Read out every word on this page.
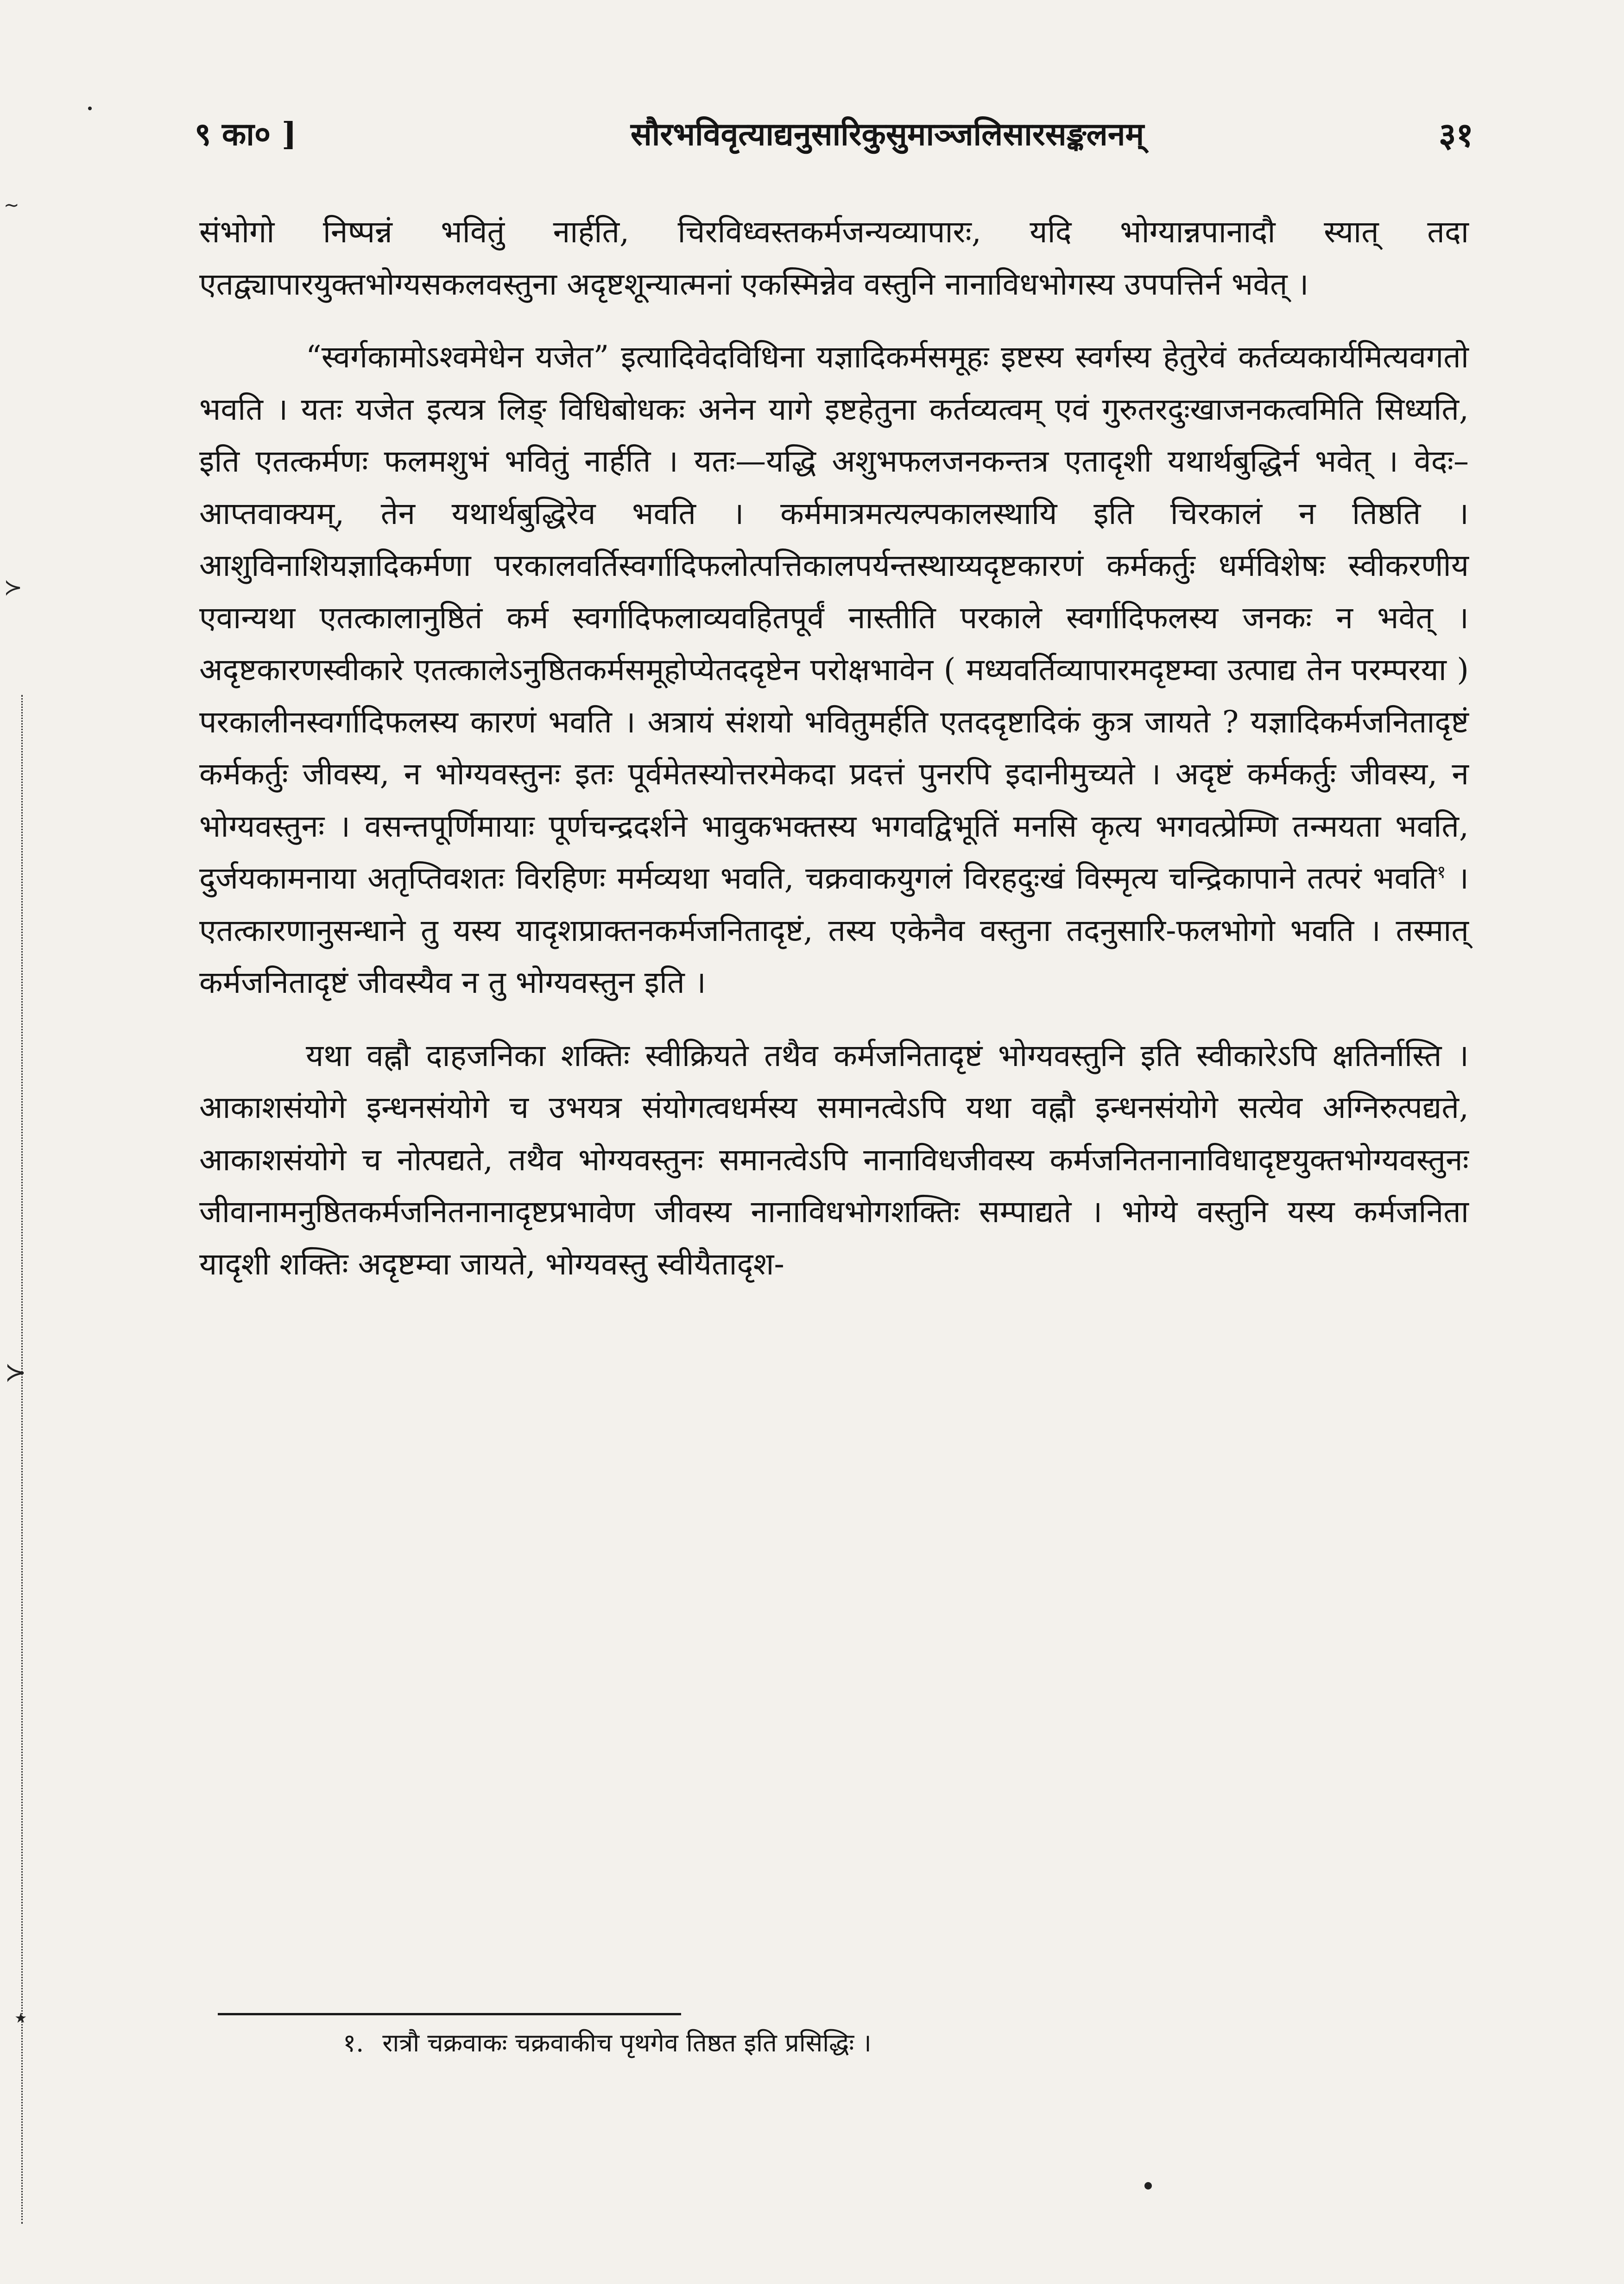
९ का० ]	सौरभविवृत्याद्यनुसारिकुसुमाञ्जलिसारसङ्कलनम्	३१

संभोगो निष्पन्नं भवितुं नार्हति, चिरविध्वस्तकर्मजन्यव्यापारः, यदि भोग्यान्नपानादौ स्यात् तदा एतद्व्यापारयुक्तभोग्यसकलवस्तुना अदृष्टशून्यात्मनां एकस्मिन्नेव वस्तुनि नानाविधभोगस्य उपपत्तिर्न भवेत् ।

“स्वर्गकामोऽश्वमेधेन यजेत” इत्यादिवेदविधिना यज्ञादिकर्मसमूहः इष्टस्य स्वर्गस्य हेतुरेवं कर्तव्यकार्यमित्यवगतो भवति । यतः यजेत इत्यत्र लिङ् विधिबोधकः अनेन यागे इष्टहेतुना कर्तव्यत्वम् एवं गुरुतरदुःखाजनकत्वमिति सिध्यति, इति एतत्कर्मणः फलमशुभं भवितुं नार्हति । यतः—यद्धि अशुभफलजनकन्तत्र एतादृशी यथार्थबुद्धिर्न भवेत् । वेदः–आप्तवाक्यम्, तेन यथार्थबुद्धिरेव भवति । कर्ममात्रमत्यल्पकालस्थायि इति चिरकालं न तिष्ठति । आशुविनाशियज्ञादिकर्मणा परकालवर्तिस्वर्गादिफलोत्पत्तिकालपर्यन्तस्थाय्यदृष्टकारणं कर्मकर्तुः धर्मविशेषः स्वीकरणीय एवान्यथा एतत्कालानुष्ठितं कर्म स्वर्गादिफलाव्यवहितपूर्वं नास्तीति परकाले स्वर्गादिफलस्य जनकः न भवेत् । अदृष्टकारणस्वीकारे एतत्कालेऽनुष्ठितकर्मसमूहोप्येतददृष्टेन परोक्षभावेन ( मध्यवर्तिव्यापारमदृष्टम्वा उत्पाद्य तेन परम्परया ) परकालीनस्वर्गादिफलस्य कारणं भवति । अत्रायं संशयो भवितुमर्हति एतददृष्टादिकं कुत्र जायते ? यज्ञादिकर्मजनितादृष्टं कर्मकर्तुः जीवस्य, न भोग्यवस्तुनः इतः पूर्वमेतस्योत्तरमेकदा प्रदत्तं पुनरपि इदानीमुच्यते । अदृष्टं कर्मकर्तुः जीवस्य, न भोग्यवस्तुनः । वसन्तपूर्णिमायाः पूर्णचन्द्रदर्शने भावुकभक्तस्य भगवद्विभूतिं मनसि कृत्य भगवत्प्रेम्णि तन्मयता भवति, दुर्जयकामनाया अतृप्तिवशतः विरहिणः मर्मव्यथा भवति, चक्रवाकयुगलं विरहदुःखं विस्मृत्य चन्द्रिकापाने तत्परं भवति$^१$ । एतत्कारणानुसन्धाने तु यस्य यादृशप्राक्तनकर्मजनितादृष्टं, तस्य एकेनैव वस्तुना तदनुसारि-फलभोगो भवति । तस्मात् कर्मजनितादृष्टं जीवस्यैव न तु भोग्यवस्तुन इति ।

यथा वह्नौ दाहजनिका शक्तिः स्वीक्रियते तथैव कर्मजनितादृष्टं भोग्यवस्तुनि इति स्वीकारेऽपि क्षतिर्नास्ति । आकाशसंयोगे इन्धनसंयोगे च उभयत्र संयोगत्वधर्मस्य समानत्वेऽपि यथा वह्नौ इन्धनसंयोगे सत्येव अग्निरुत्पद्यते, आकाशसंयोगे च नोत्पद्यते, तथैव भोग्यवस्तुनः समानत्वेऽपि नानाविधजीवस्य कर्मजनितनानाविधादृष्टयुक्तभोग्यवस्तुनः जीवानामनुष्ठितकर्मजनितनानादृष्टप्रभावेण जीवस्य नानाविधभोगशक्तिः सम्पाद्यते । भोग्ये वस्तुनि यस्य कर्मजनिता यादृशी शक्तिः अदृष्टम्वा जायते, भोग्यवस्तु स्वीयैतादृश-

१. रात्रौ चक्रवाकः चक्रवाकीच पृथगेव तिष्ठत इति प्रसिद्धिः ।
~
≻
≻
⋆
